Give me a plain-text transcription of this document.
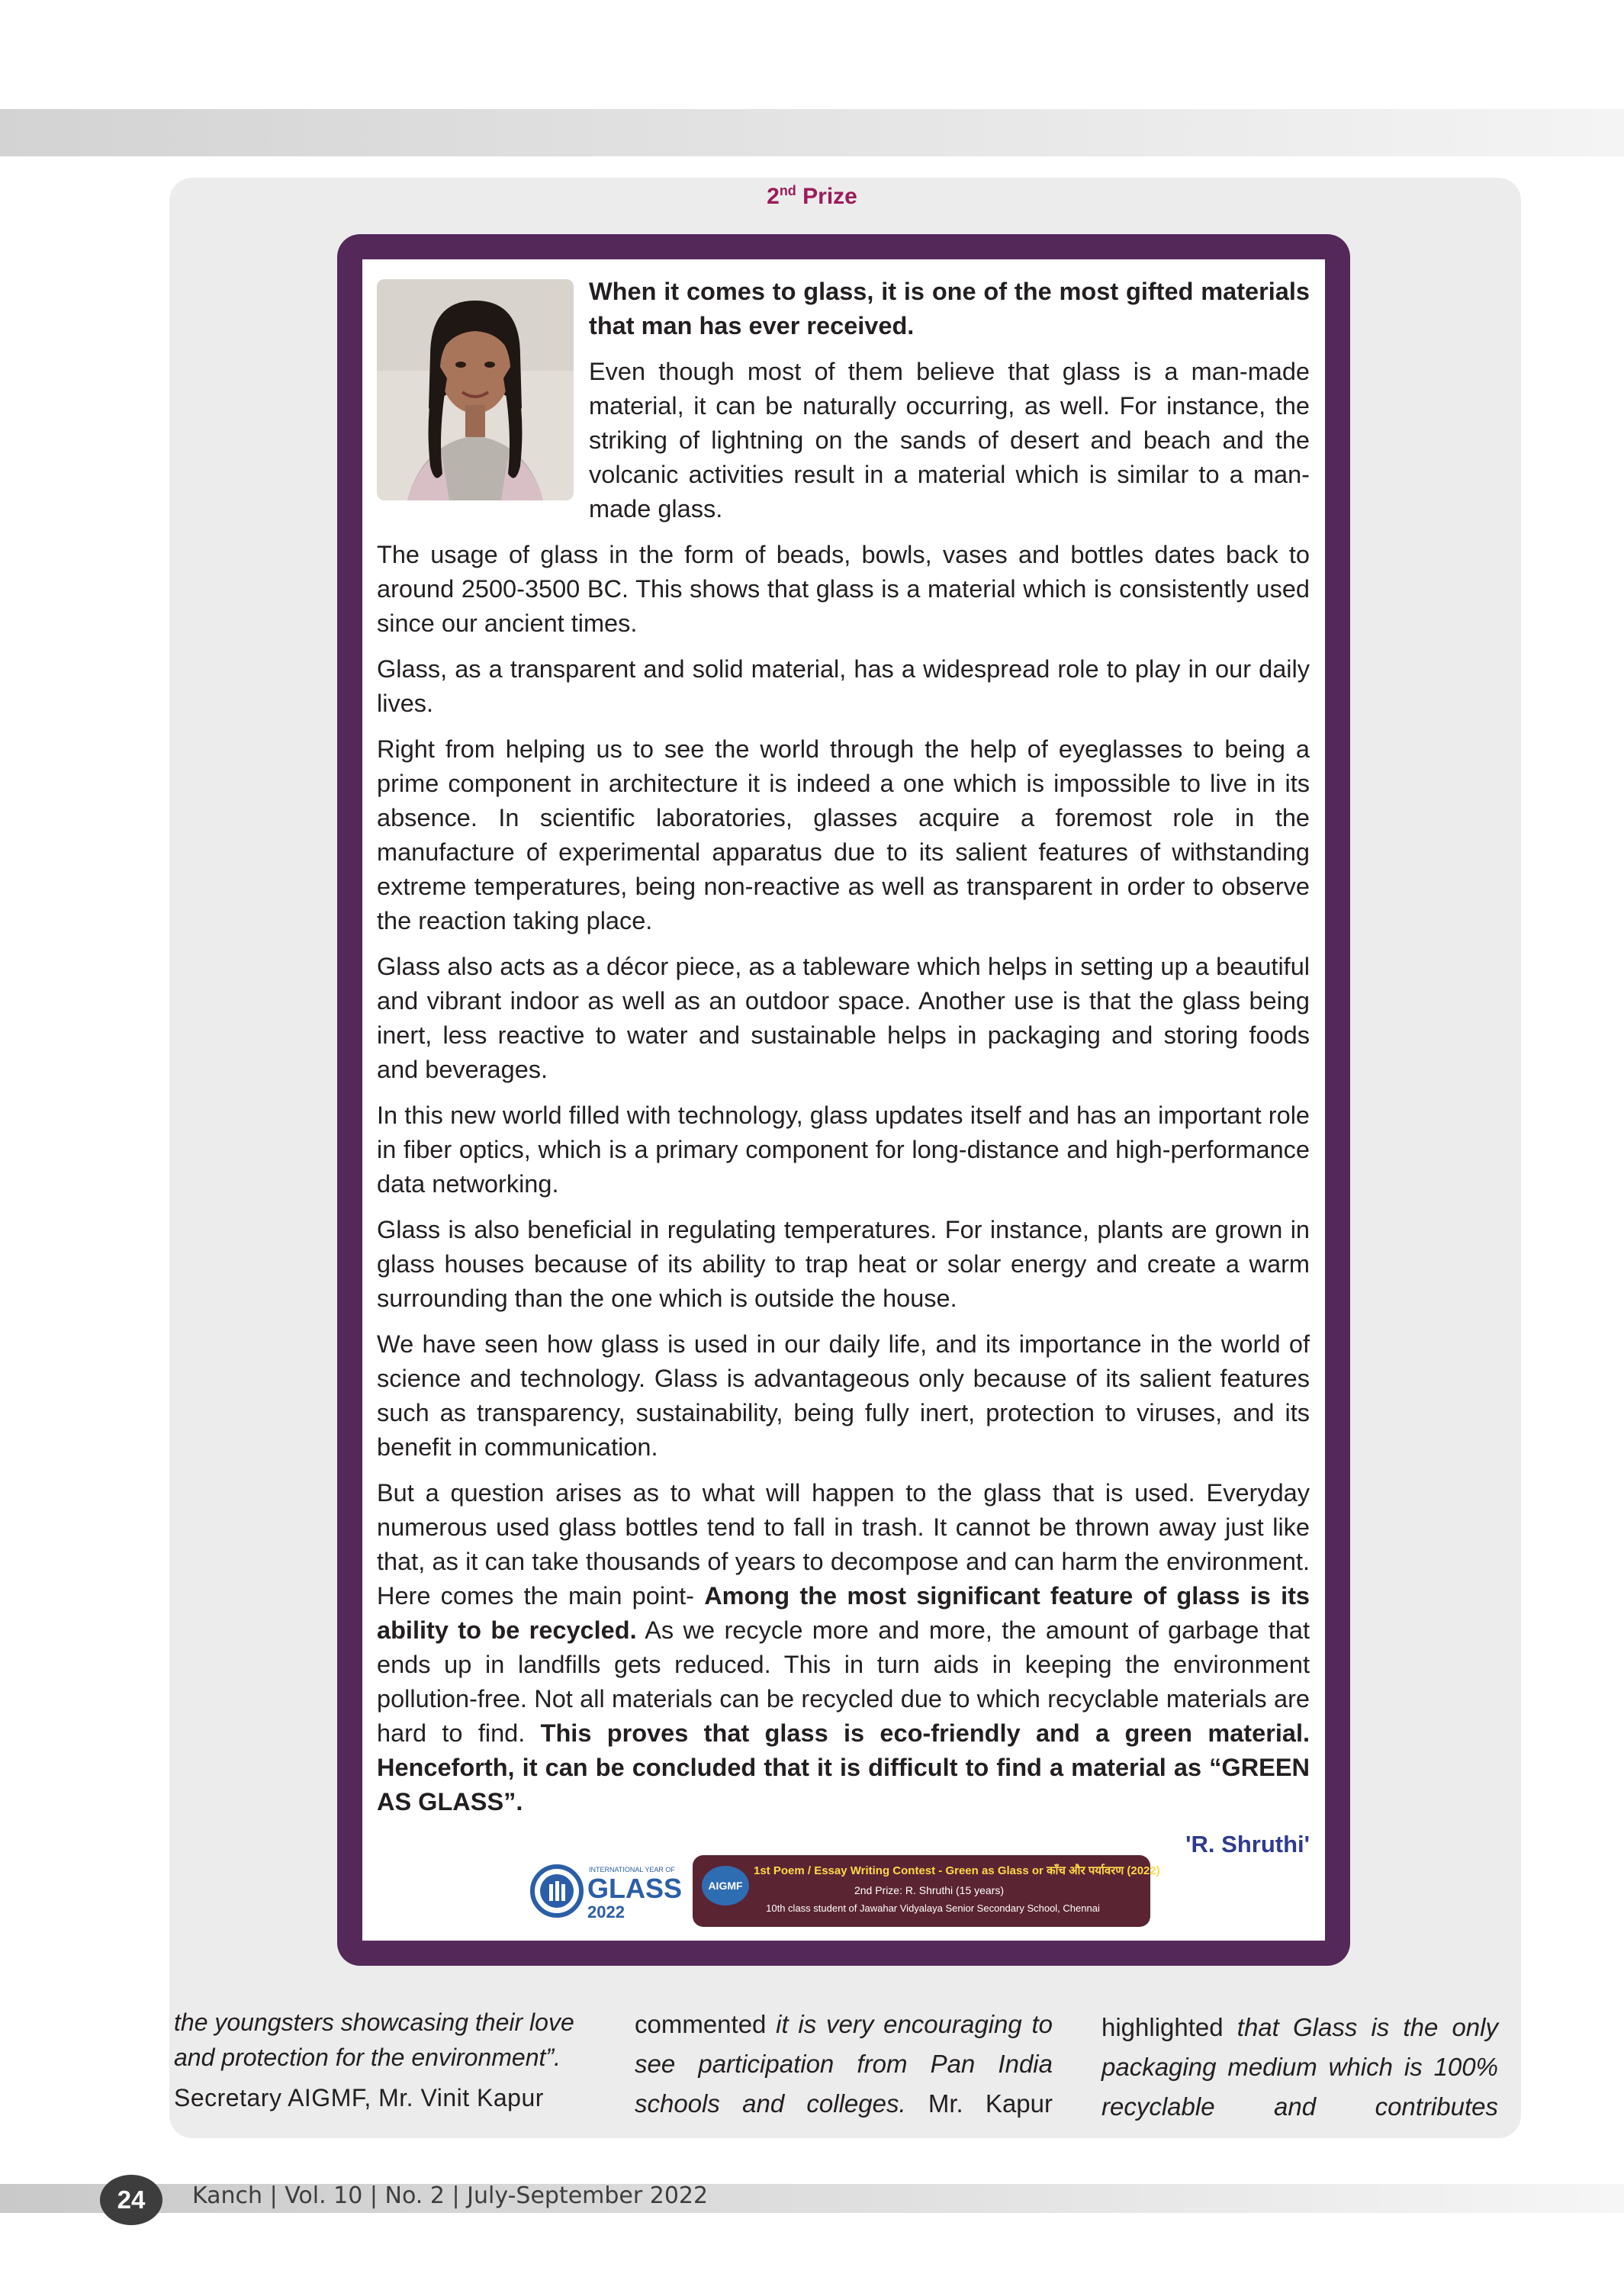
2nd Prize

When it comes to glass, it is one of the most gifted materials that man has ever received.

Even though most of them believe that glass is a man-made material, it can be naturally occurring, as well. For instance, the striking of lightning on the sands of desert and beach and the volcanic activities result in a material which is similar to a man-made glass.

The usage of glass in the form of beads, bowls, vases and bottles dates back to around 2500-3500 BC. This shows that glass is a material which is consistently used since our ancient times.

Glass, as a transparent and solid material, has a widespread role to play in our daily lives.

Right from helping us to see the world through the help of eyeglasses to being a prime component in architecture it is indeed a one which is impossible to live in its absence. In scientific laboratories, glasses acquire a foremost role in the manufacture of experimental apparatus due to its salient features of withstanding extreme temperatures, being non-reactive as well as transparent in order to observe the reaction taking place.

Glass also acts as a décor piece, as a tableware which helps in setting up a beautiful and vibrant indoor as well as an outdoor space. Another use is that the glass being inert, less reactive to water and sustainable helps in packaging and storing foods and beverages.

In this new world filled with technology, glass updates itself and has an important role in fiber optics, which is a primary component for long-distance and high-performance data networking.

Glass is also beneficial in regulating temperatures. For instance, plants are grown in glass houses because of its ability to trap heat or solar energy and create a warm surrounding than the one which is outside the house.

We have seen how glass is used in our daily life, and its importance in the world of science and technology. Glass is advantageous only because of its salient features such as transparency, sustainability, being fully inert, protection to viruses, and its benefit in communication.

But a question arises as to what will happen to the glass that is used. Everyday numerous used glass bottles tend to fall in trash. It cannot be thrown away just like that, as it can take thousands of years to decompose and can harm the environment. Here comes the main point- Among the most significant feature of glass is its ability to be recycled. As we recycle more and more, the amount of garbage that ends up in landfills gets reduced. This in turn aids in keeping the environment pollution-free. Not all materials can be recycled due to which recyclable materials are hard to find. This proves that glass is eco-friendly and a green material. Henceforth, it can be concluded that it is difficult to find a material as “GREEN AS GLASS”.

'R. Shruthi'
INTERNATIONAL YEAR OF
GLASS
2022
AIGMF
1st Poem / Essay Writing Contest - Green as Glass or काँच और पर्यावरण (2022)
2nd Prize: R. Shruthi (15 years)
10th class student of Jawahar Vidyalaya Senior Secondary School, Chennai
the youngsters showcasing their love and protection for the environment”.
Secretary AIGMF, Mr. Vinit Kapur
commented it is very encouraging to see participation from Pan India schools and colleges. Mr. Kapur
highlighted that Glass is the only packaging medium which is 100% recyclable and contributes
24	Kanch | Vol. 10 | No. 2 | July-September 2022
